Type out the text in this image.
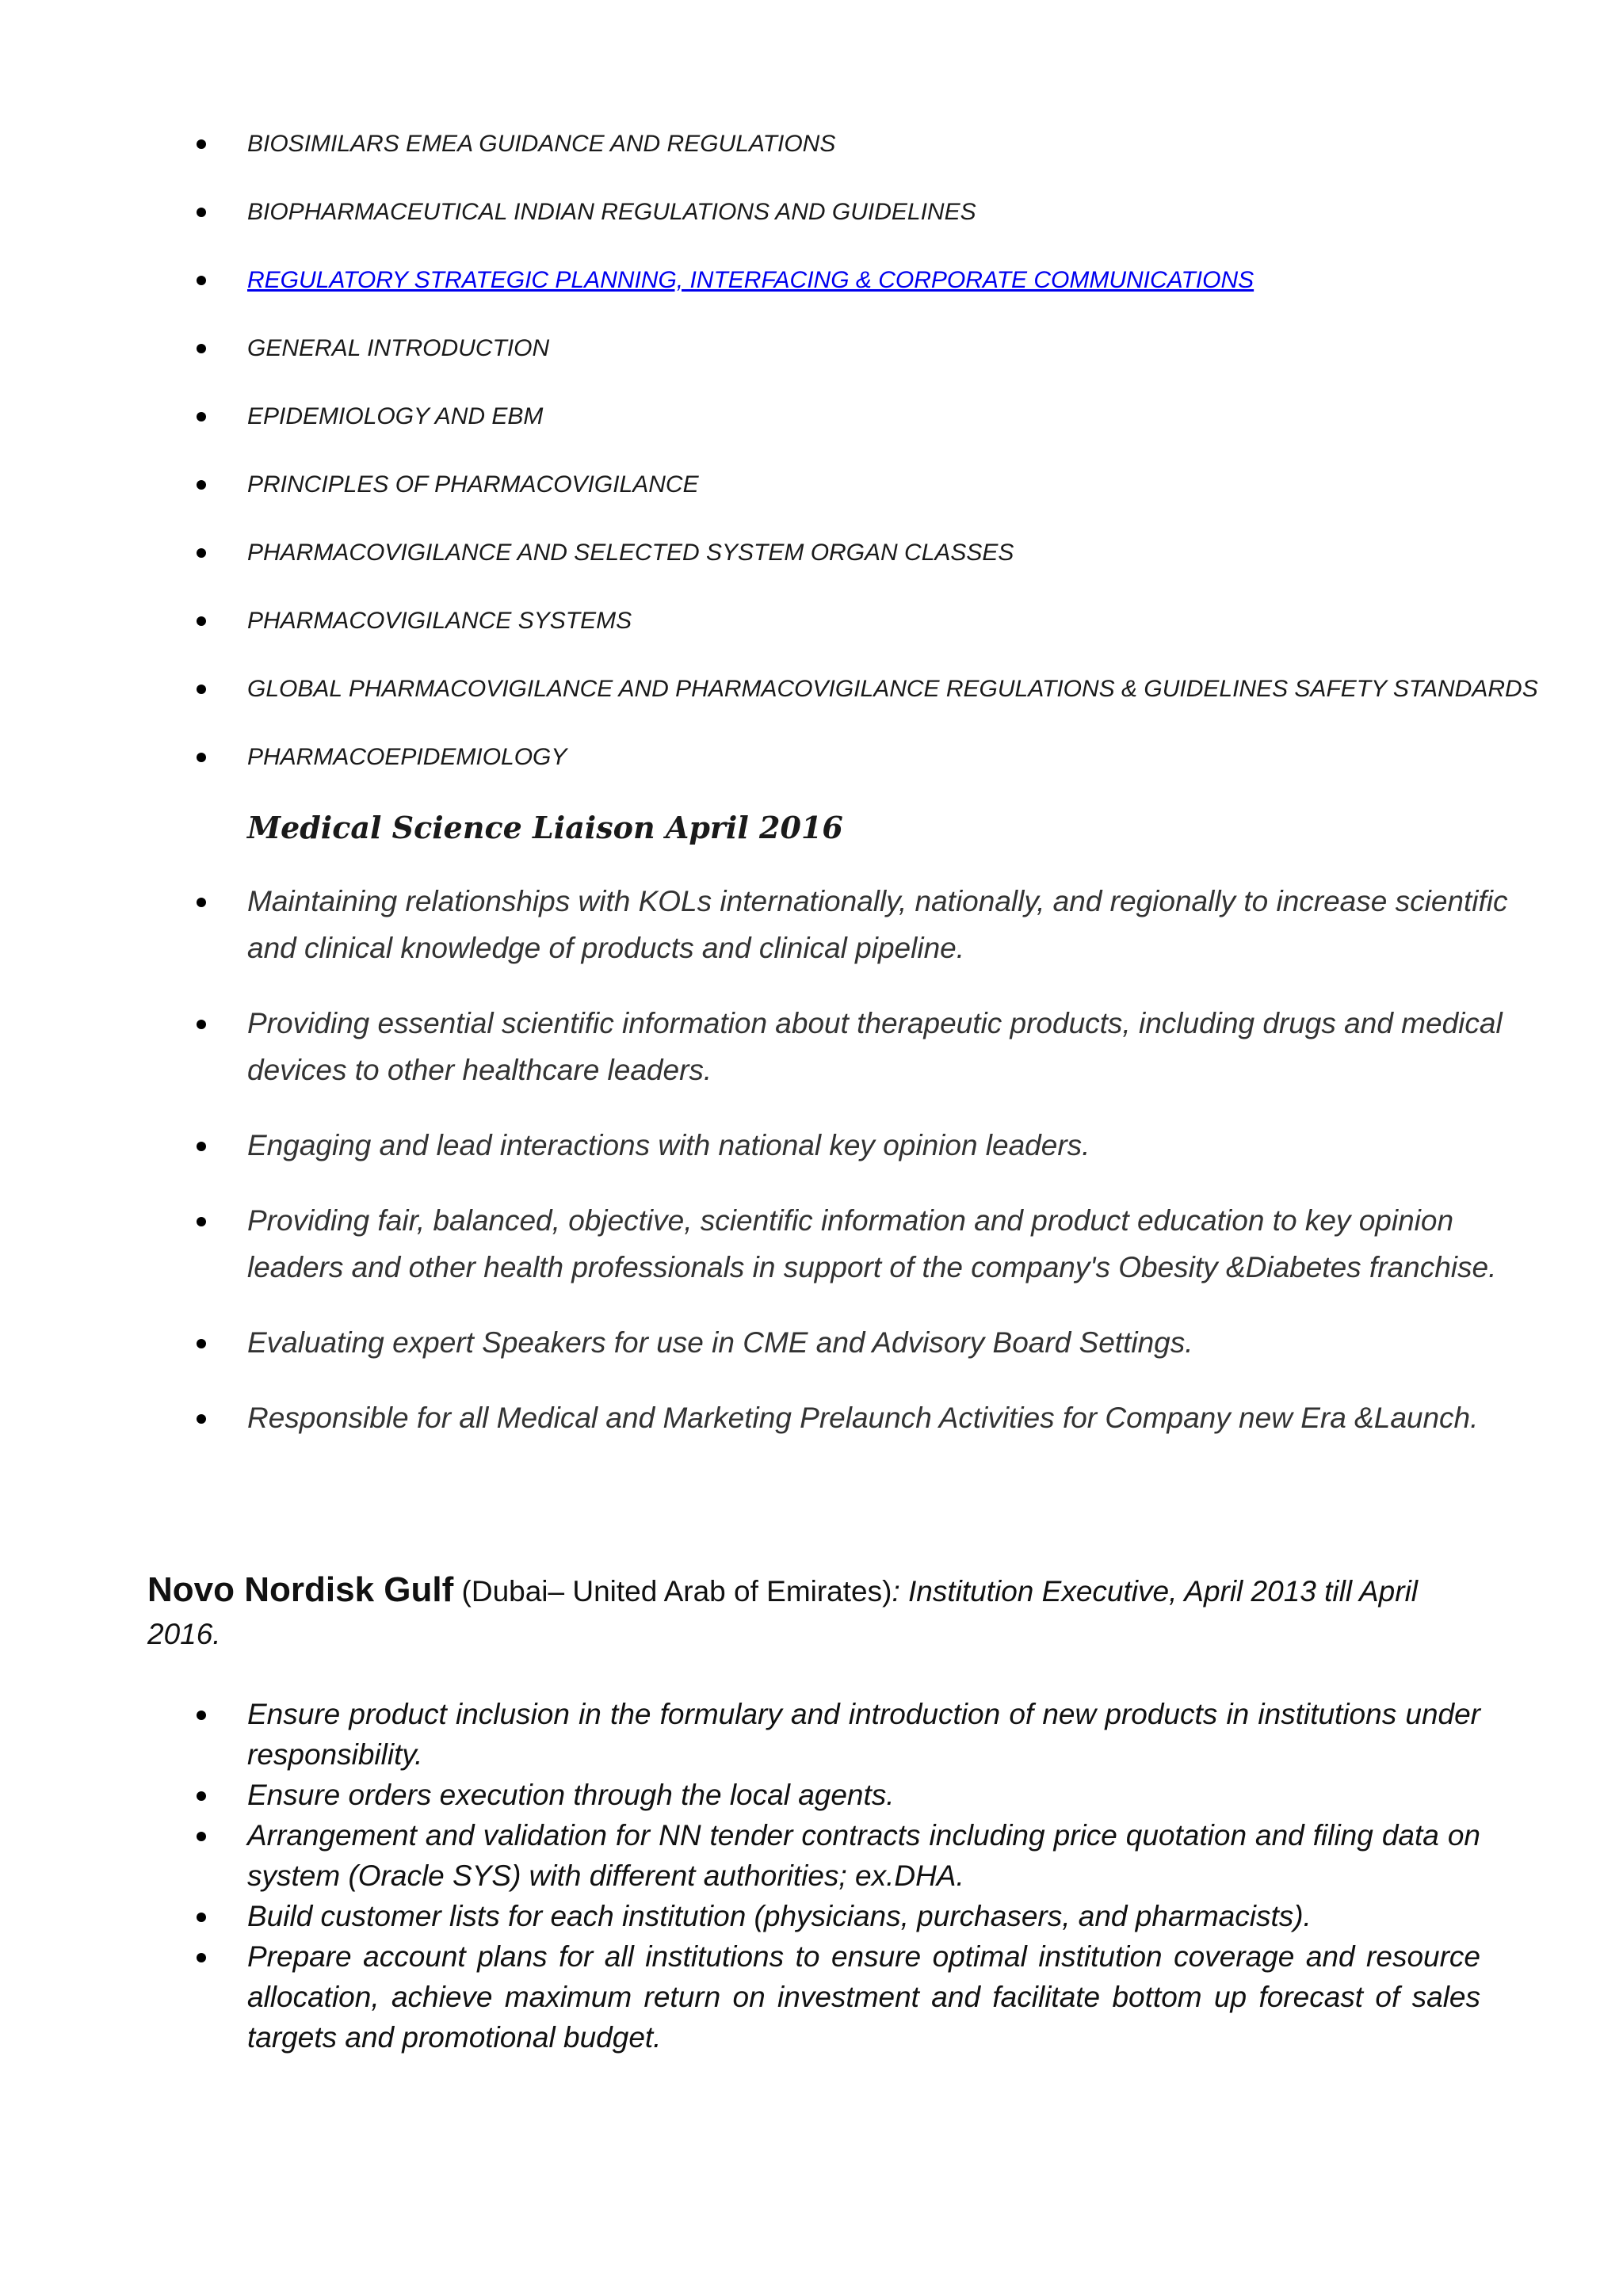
BIOSIMILARS EMEA GUIDANCE AND REGULATIONS
BIOPHARMACEUTICAL INDIAN REGULATIONS AND GUIDELINES
REGULATORY STRATEGIC PLANNING, INTERFACING & CORPORATE COMMUNICATIONS
GENERAL INTRODUCTION
EPIDEMIOLOGY AND EBM
PRINCIPLES OF PHARMACOVIGILANCE
PHARMACOVIGILANCE AND SELECTED SYSTEM ORGAN CLASSES
PHARMACOVIGILANCE SYSTEMS
GLOBAL PHARMACOVIGILANCE AND PHARMACOVIGILANCE REGULATIONS & GUIDELINES SAFETY STANDARDS
PHARMACOEPIDEMIOLOGY
Medical Science Liaison April 2016
Maintaining relationships with KOLs internationally, nationally, and regionally to increase scientific and clinical knowledge of products and clinical pipeline.
Providing essential scientific information about therapeutic products, including drugs and medical devices to other healthcare leaders.
Engaging and lead interactions with national key opinion leaders.
Providing fair, balanced, objective, scientific information and product education to key opinion leaders and other health professionals in support of the company's Obesity &Diabetes franchise.
Evaluating expert Speakers for use in CME and Advisory Board Settings.
Responsible for all Medical and Marketing Prelaunch Activities for Company new Era &Launch.
Novo Nordisk Gulf (Dubai– United Arab of Emirates): Institution Executive, April 2013 till April 2016.
Ensure product inclusion in the formulary and introduction of new products in institutions under responsibility.
Ensure orders execution through the local agents.
Arrangement and validation for NN tender contracts including price quotation and filing data on system (Oracle SYS) with different authorities; ex.DHA.
Build customer lists for each institution (physicians, purchasers, and pharmacists).
Prepare account plans for all institutions to ensure optimal institution coverage and resource allocation, achieve maximum return on investment and facilitate bottom up forecast of sales targets and promotional budget.
